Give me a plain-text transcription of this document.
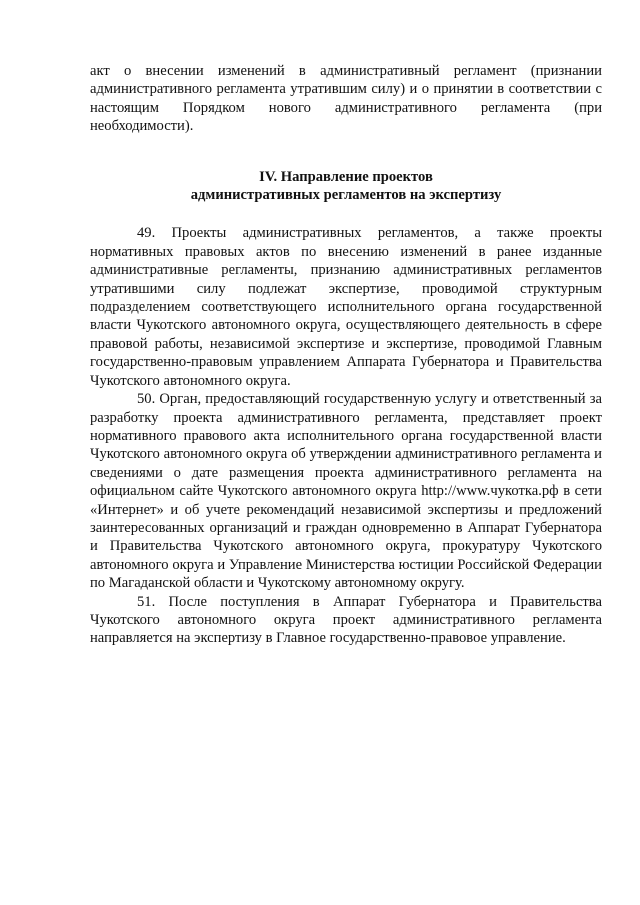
акт о внесении изменений в административный регламент (признании административного регламента утратившим силу) и о принятии в соответствии с настоящим Порядком нового административного регламента (при необходимости).

IV. Направление проектов
административных регламентов на экспертизу

49. Проекты административных регламентов, а также проекты нормативных правовых актов по внесению изменений в ранее изданные административные регламенты, признанию административных регламентов утратившими силу подлежат экспертизе, проводимой структурным подразделением соответствующего исполнительного органа государственной власти Чукотского автономного округа, осуществляющего деятельность в сфере правовой работы, независимой экспертизе и экспертизе, проводимой Главным государственно-правовым управлением Аппарата Губернатора и Правительства Чукотского автономного округа.

50. Орган, предоставляющий государственную услугу и ответственный за разработку проекта административного регламента, представляет проект нормативного правового акта исполнительного органа государственной власти Чукотского автономного округа об утверждении административного регламента и сведениями о дате размещения проекта административного регламента на официальном сайте Чукотского автономного округа http://www.чукотка.рф в сети «Интернет» и об учете рекомендаций независимой экспертизы и предложений заинтересованных организаций и граждан одновременно в Аппарат Губернатора и Правительства Чукотского автономного округа, прокуратуру Чукотского автономного округа и Управление Министерства юстиции Российской Федерации по Магаданской области и Чукотскому автономному округу.

51. После поступления в Аппарат Губернатора и Правительства Чукотского автономного округа проект административного регламента направляется на экспертизу в Главное государственно-правовое управление.
